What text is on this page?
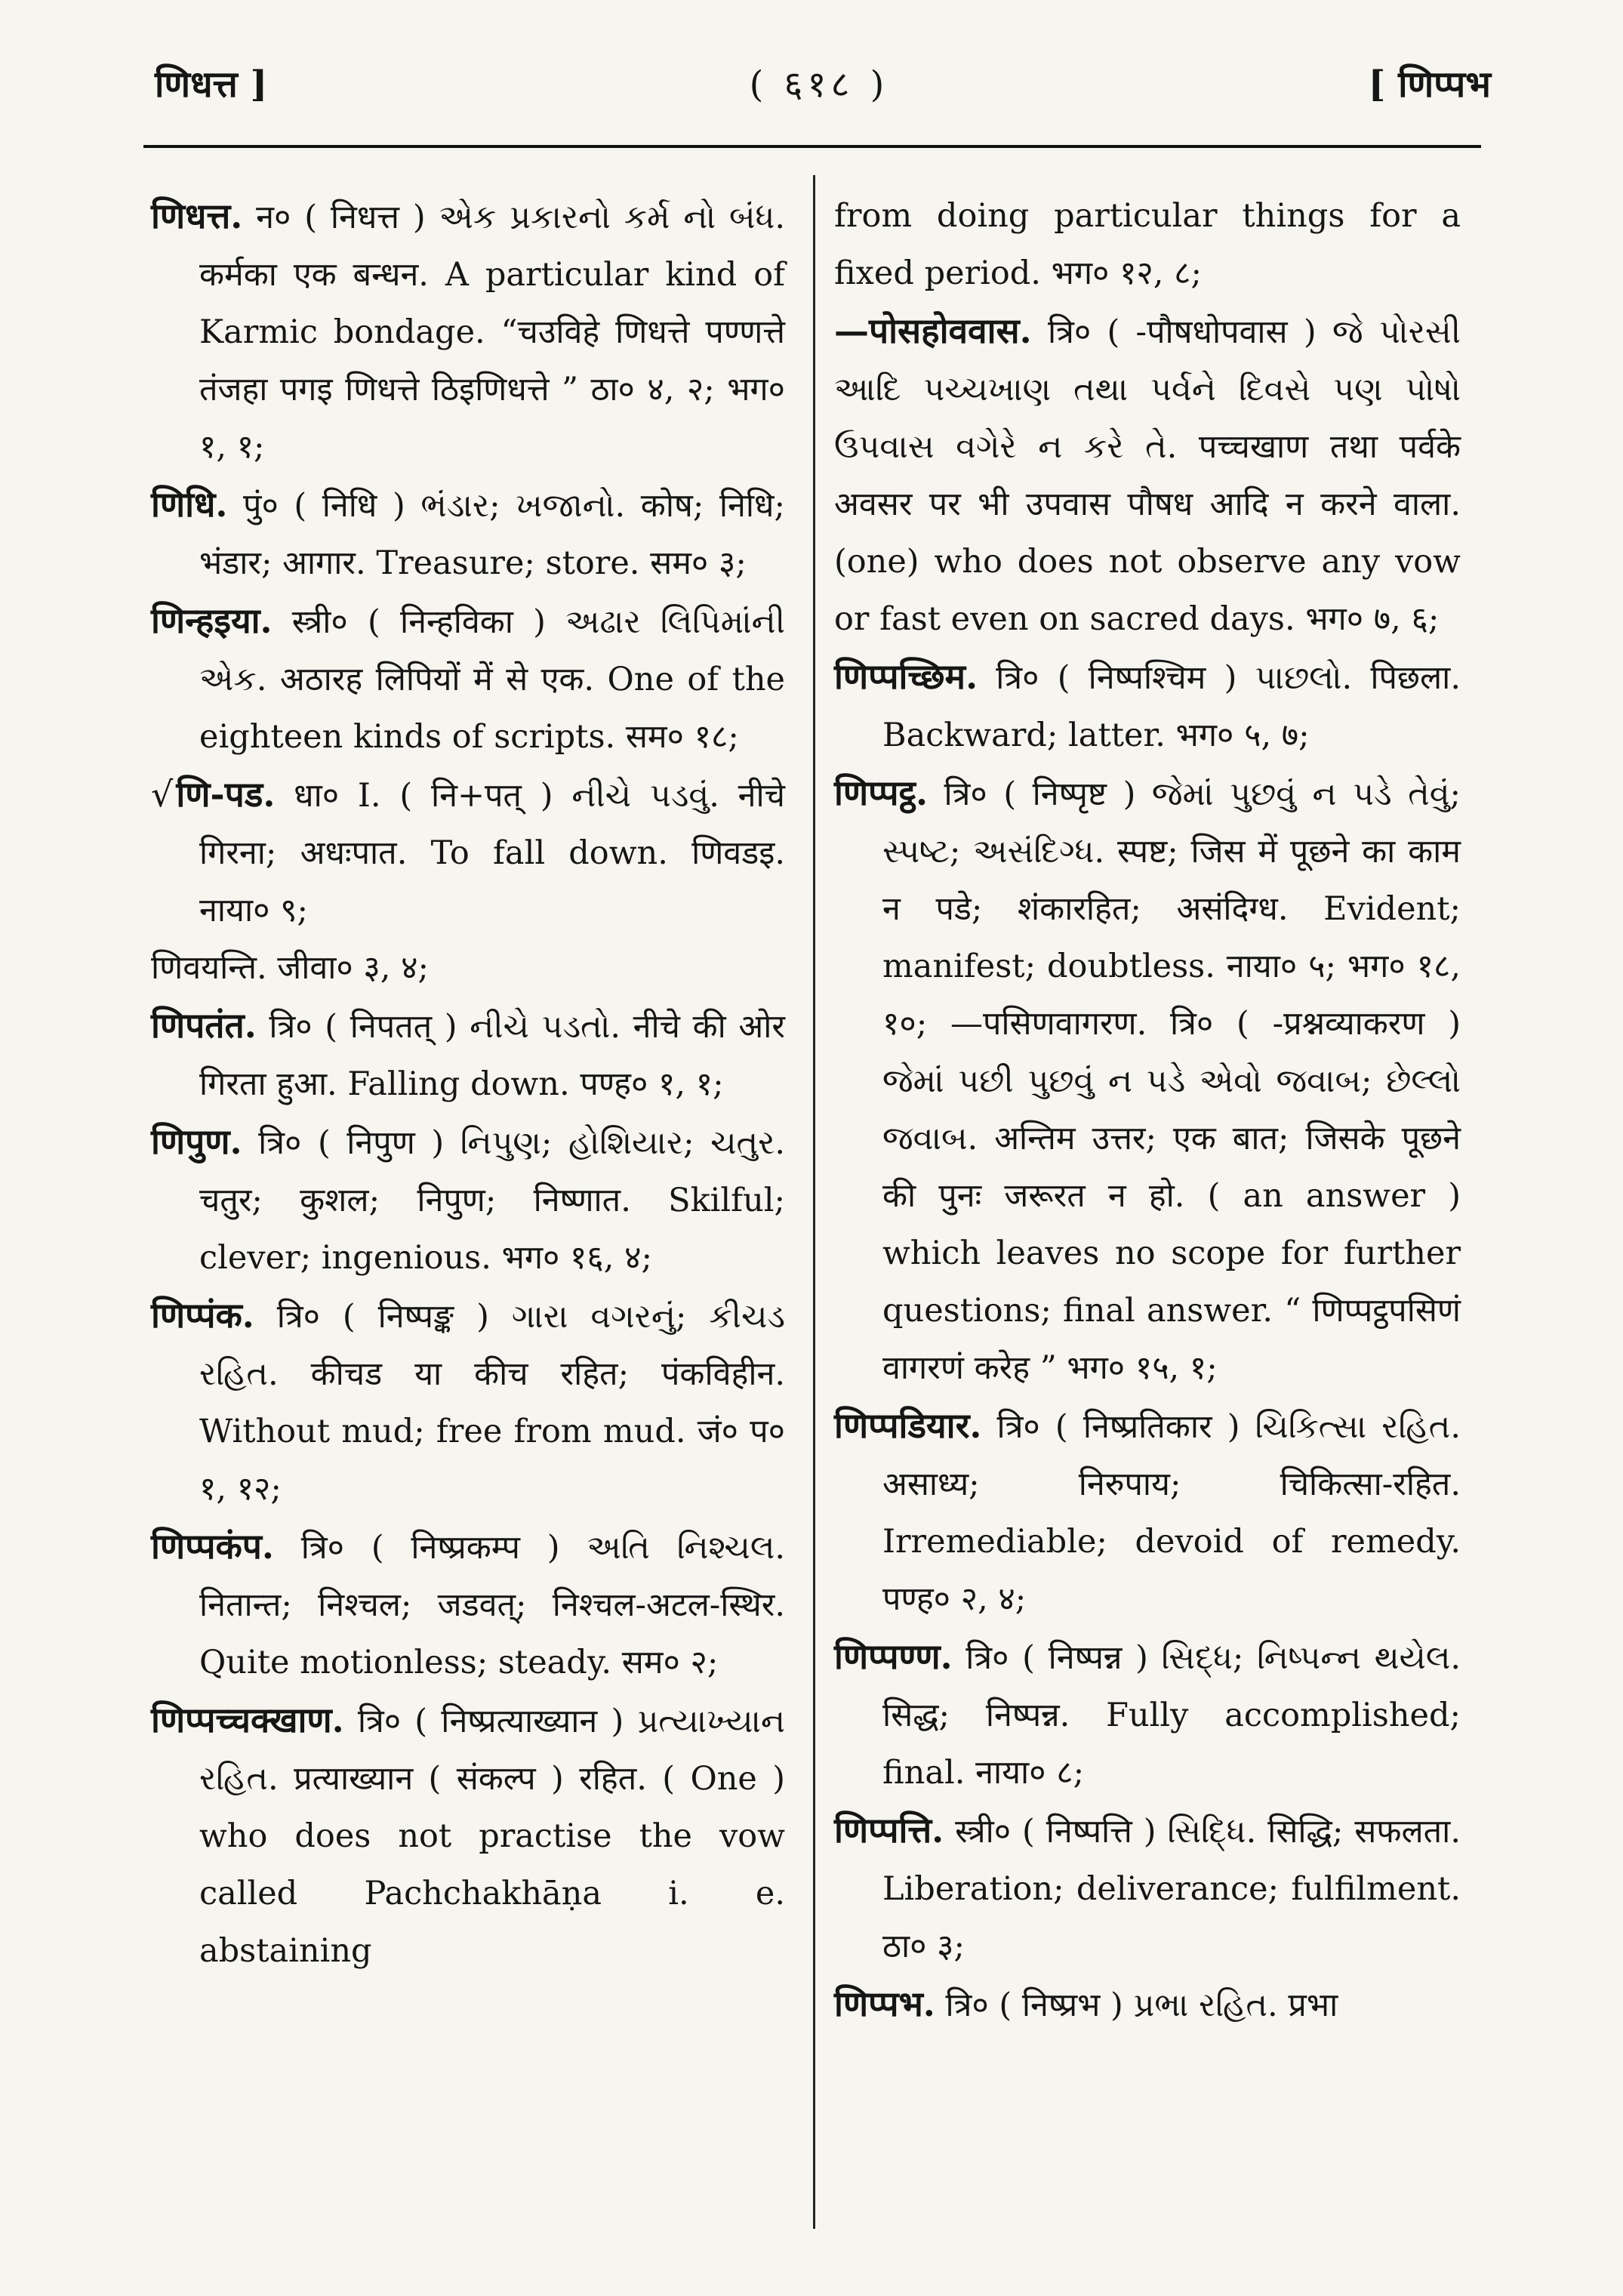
णिधत्त ]	( ६१८ )	[ णिप्पभ

णिधत्त. न० ( निधत्त ) એક પ્રકારનો કર્મ નો બંધ. कर्मका एक बन्धन. A particular kind of Karmic bondage. “चउविहे णिधत्ते पण्णत्ते तंजहा पगइ णिधत्ते ठिइणिधत्ते ” ठा० ४, २; भग० १, १;

णिधि. पुं० ( निधि ) ભંડાર; ખજાનો. कोष; निधि; भंडार; आगार. Treasure; store. सम० ३;

णिन्हइया. स्त्री० ( निन्हविका ) અઢાર લિપિમાંની એક. अठारह लिपियों में से एक. One of the eighteen kinds of scripts. सम० १८;

√णि-पड. धा० I. ( नि+पत् ) નીચે પડવું. नीचे गिरना; अधःपात. To fall down. णिवडइ. नाया० ९;

णिवयन्ति. जीवा० ३, ४;

णिपतंत. त्रि० ( निपतत् ) નીચે પડતો. नीचे की ओर गिरता हुआ. Falling down. पण्ह० १, १;

णिपुण. त्रि० ( निपुण ) નિપુણ; હોશિયાર; ચતુર. चतुर; कुशल; निपुण; निष्णात. Skilful; clever; ingenious. भग० १६, ४;

णिप्पंक. त्रि० ( निष्पङ्क ) ગારા વગરનું; કીચડ રહિત. कीचड या कीच रहित; पंकविहीन. Without mud; free from mud. जं० प० १, १२;

णिप्पकंप. त्रि० ( निष्प्रकम्प ) અતિ નિશ્ચલ. नितान्त; निश्चल; जडवत्; निश्चल-अटल-स्थिर. Quite motionless; steady. सम० २;

णिप्पच्चक्खाण. त्रि० ( निष्प्रत्याख्यान ) પ્રત્યાખ્યાન રહિત. प्रत्याख्यान ( संकल्प ) रहित. ( One ) who does not practise the vow called Pachchakhāṇa i. e. abstaining

from doing particular things for a fixed period. भग० १२, ८;

—पोसहोववास. त्रि० ( -पौषधोपवास ) જે પોરસી આદિ પચ્ચખાણ તથા પર્વને દિવસે પણ પોષો ઉપવાસ વગેરે ન કરે તે. पच्चखाण तथा पर्वके अवसर पर भी उपवास पौषध आदि न करने वाला. (one) who does not observe any vow or fast even on sacred days. भग० ७, ६;

णिप्पच्छिम. त्रि० ( निष्पश्चिम ) પાછલો. पिछला. Backward; latter. भग० ५, ७;

णिप्पट्ठ. त्रि० ( निष्पृष्ट ) જેમાં પુછવું ન પડે તેવું; સ્પષ્ટ; અસંદિગ્ધ. स्पष्ट; जिस में पूछने का काम न पडे; शंकारहित; असंदिग्ध. Evident; manifest; doubtless. नाया० ५; भग० १८, १०; —पसिणवागरण. त्रि० ( -प्रश्नव्याकरण ) જેમાં પછી પુછવું ન પડે એવો જવાબ; છેલ્લો જવાબ. अन्तिम उत्तर; एक बात; जिसके पूछने की पुनः जरूरत न हो. ( an answer ) which leaves no scope for further questions; final answer. “ णिप्पट्ठपसिणं वागरणं करेह ” भग० १५, १;

णिप्पडियार. त्रि० ( निष्प्रतिकार ) ચિકિત્સા રહિત. असाध्य; निरुपाय; चिकित्सा-रहित. Irremediable; devoid of remedy. पण्ह० २, ४;

णिप्पण्ण. त्रि० ( निष्पन्न ) સિદ્ધ; નિષ્પન્ન થયેલ. सिद्ध; निष्पन्न. Fully accomplished; final. नाया० ८;

णिप्पत्ति. स्त्री० ( निष्पत्ति ) સિદ્ધિ. सिद्धि; सफलता. Liberation; deliverance; fulfilment. ठा० ३;

णिप्पभ. त्रि० ( निष्प्रभ ) પ્રભા રહિત. प्रभा
